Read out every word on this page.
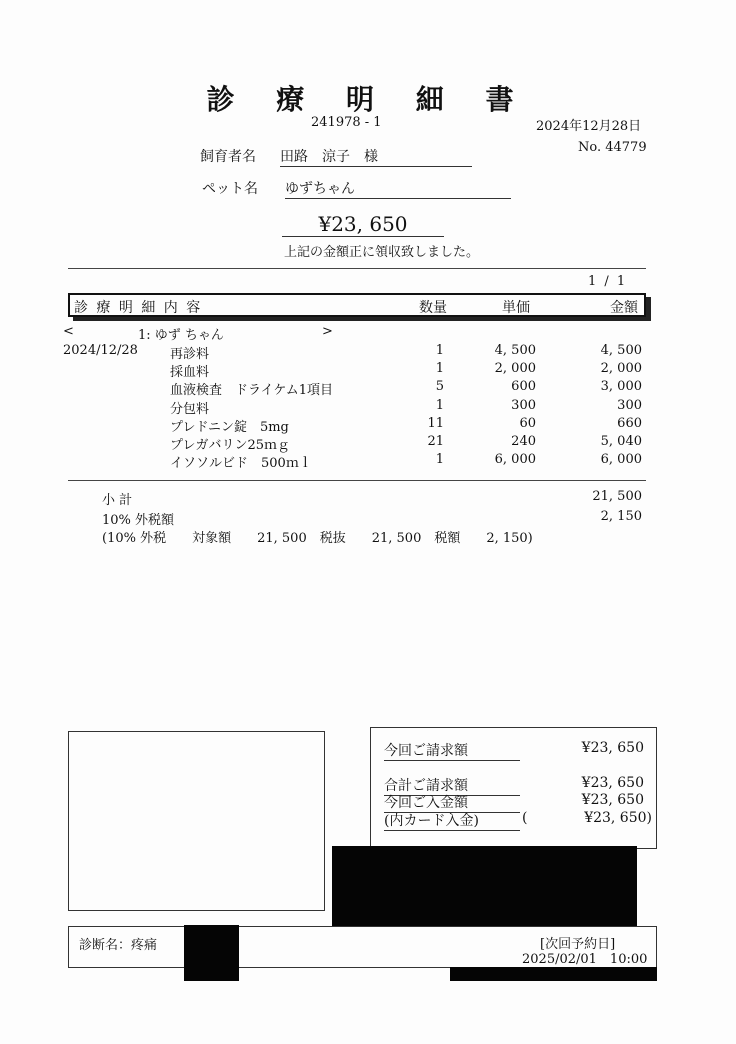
診 療 明 細 書
241978 - 1	2024年12月28日
No. 44779
飼育者名 田路　涼子　様
ペット名 ゆずちゃん
¥23, 650
上記の金額正に領収致しました。
1 / 1
診 療 明 細 内 容	数量	単価	金額
<	1: ゆず ちゃん	>
2024/12/28 再診料	1	4, 500	4, 500
採血料	1	2, 000	2, 000
血液検査　ドライケム1項目	5	600	3, 000
分包料	1	300	300
プレドニン錠　5mg	11	60	660
プレガバリン25ｍｇ	21	240	5, 040
イソソルビド　500ｍｌ	1	6, 000	6, 000
小 計	21, 500
10% 外税額	2, 150
(10% 外税　　対象額　　21, 500　税抜　　21, 500　税額　　2, 150)
今回ご請求額	¥23, 650
合計ご請求額	¥23, 650
今回ご入金額	¥23, 650
(内カード入金)	(	¥23, 650)
診断名：疼痛	[次回予約日]
2025/02/01　10:00
